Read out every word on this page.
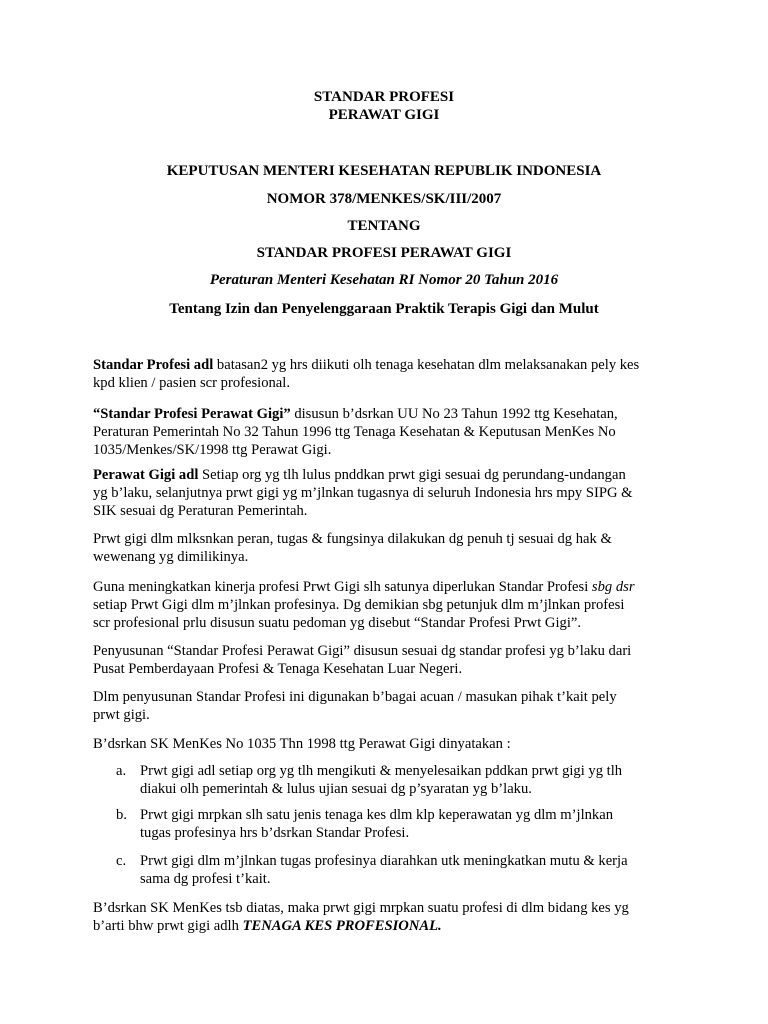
STANDAR PROFESI
PERAWAT GIGI
KEPUTUSAN MENTERI KESEHATAN REPUBLIK INDONESIA
NOMOR 378/MENKES/SK/III/2007
TENTANG
STANDAR PROFESI PERAWAT GIGI
Peraturan Menteri Kesehatan RI Nomor 20 Tahun 2016
Tentang Izin dan Penyelenggaraan Praktik Terapis Gigi dan Mulut
Standar Profesi adl batasan2 yg hrs diikuti olh tenaga kesehatan dlm melaksanakan pely kes
kpd klien / pasien scr profesional.
“Standar Profesi Perawat Gigi” disusun b’dsrkan UU No 23 Tahun 1992 ttg Kesehatan,
Peraturan Pemerintah No 32 Tahun 1996 ttg Tenaga Kesehatan & Keputusan MenKes No
1035/Menkes/SK/1998 ttg Perawat Gigi.
Perawat Gigi adl Setiap org yg tlh lulus pnddkan prwt gigi sesuai dg perundang-undangan
yg b’laku, selanjutnya prwt gigi yg m’jlnkan tugasnya di seluruh Indonesia hrs mpy SIPG &
SIK sesuai dg Peraturan Pemerintah.
Prwt gigi dlm mlksnkan peran, tugas & fungsinya dilakukan dg penuh tj sesuai dg hak &
wewenang yg dimilikinya.
Guna meningkatkan kinerja profesi Prwt Gigi slh satunya diperlukan Standar Profesi sbg dsr
setiap Prwt Gigi dlm m’jlnkan profesinya. Dg demikian sbg petunjuk dlm m’jlnkan profesi
scr profesional prlu disusun suatu pedoman yg disebut “Standar Profesi Prwt Gigi”.
Penyusunan “Standar Profesi Perawat Gigi” disusun sesuai dg standar profesi yg b’laku dari
Pusat Pemberdayaan Profesi & Tenaga Kesehatan Luar Negeri.
Dlm penyusunan Standar Profesi ini digunakan b’bagai acuan / masukan pihak t’kait pely
prwt gigi.
B’dsrkan SK MenKes No 1035 Thn 1998 ttg Perawat Gigi dinyatakan :
a. Prwt gigi adl setiap org yg tlh mengikuti & menyelesaikan pddkan prwt gigi yg tlh
diakui olh pemerintah & lulus ujian sesuai dg p’syaratan yg b’laku.
b. Prwt gigi mrpkan slh satu jenis tenaga kes dlm klp keperawatan yg dlm m’jlnkan
tugas profesinya hrs b’dsrkan Standar Profesi.
c. Prwt gigi dlm m’jlnkan tugas profesinya diarahkan utk meningkatkan mutu & kerja
sama dg profesi t’kait.
B’dsrkan SK MenKes tsb diatas, maka prwt gigi mrpkan suatu profesi di dlm bidang kes yg
b’arti bhw prwt gigi adlh TENAGA KES PROFESIONAL.
